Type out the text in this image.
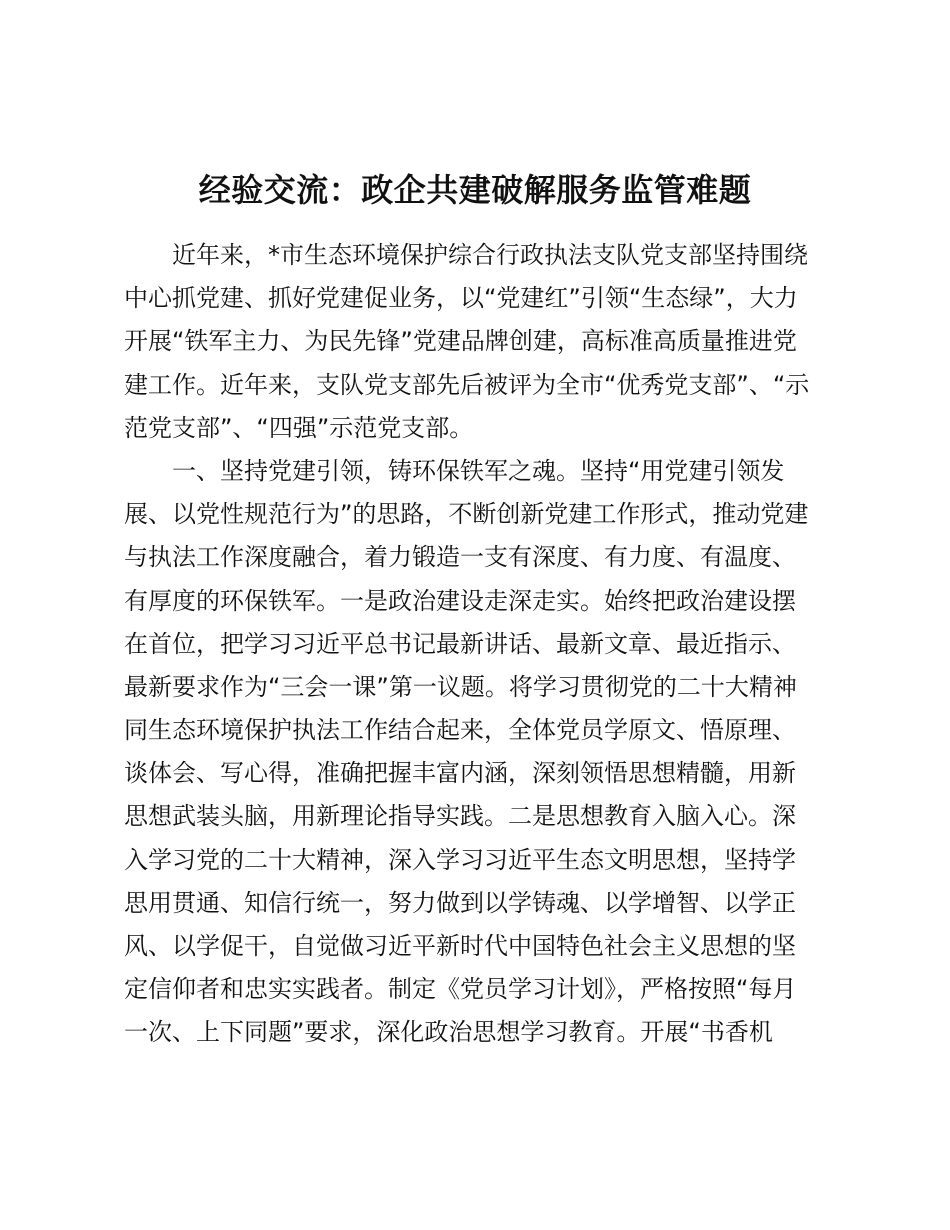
经验交流：政企共建破解服务监管难题
近年来，*市生态环境保护综合行政执法支队党支部坚持围绕
中心抓党建、抓好党建促业务，以“党建红”引领“生态绿”，大力
开展“铁军主力、为民先锋”党建品牌创建，高标准高质量推进党
建工作。近年来，支队党支部先后被评为全市“优秀党支部”、“示
范党支部”、“四强”示范党支部。
一、坚持党建引领，铸环保铁军之魂。坚持“用党建引领发
展、以党性规范行为”的思路，不断创新党建工作形式，推动党建
与执法工作深度融合，着力锻造一支有深度、有力度、有温度、
有厚度的环保铁军。一是政治建设走深走实。始终把政治建设摆
在首位，把学习习近平总书记最新讲话、最新文章、最近指示、
最新要求作为“三会一课”第一议题。将学习贯彻党的二十大精神
同生态环境保护执法工作结合起来，全体党员学原文、悟原理、
谈体会、写心得，准确把握丰富内涵，深刻领悟思想精髓，用新
思想武装头脑，用新理论指导实践。二是思想教育入脑入心。深
入学习党的二十大精神，深入学习习近平生态文明思想，坚持学
思用贯通、知信行统一，努力做到以学铸魂、以学增智、以学正
风、以学促干，自觉做习近平新时代中国特色社会主义思想的坚
定信仰者和忠实实践者。制定《党员学习计划》，严格按照“每月
一次、上下同题”要求，深化政治思想学习教育。开展“书香机
